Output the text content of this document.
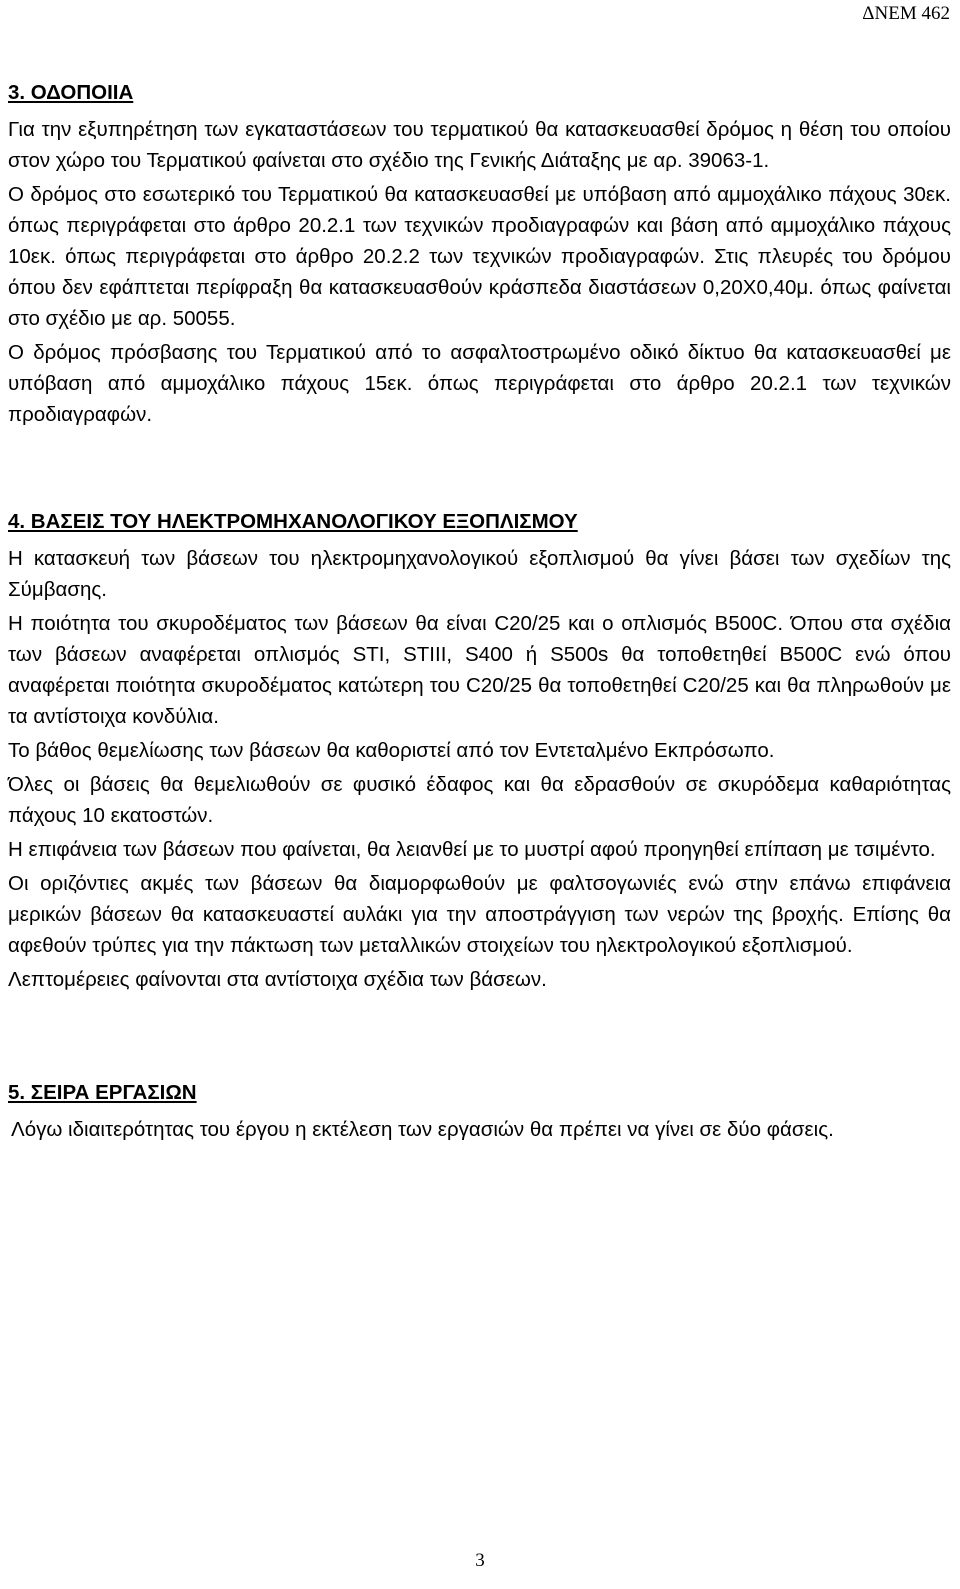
ΔΝΕΜ 462
3. ΟΔΟΠΟΙΙΑ

Για την εξυπηρέτηση των εγκαταστάσεων του τερματικού θα κατασκευασθεί δρόμος η θέση του οποίου στον χώρο του Τερματικού φαίνεται στο σχέδιο της Γενικής Διάταξης με αρ. 39063-1.

Ο δρόμος στο εσωτερικό του Τερματικού θα κατασκευασθεί με υπόβαση από αμμοχάλικο πάχους 30εκ. όπως περιγράφεται στο άρθρο 20.2.1 των τεχνικών προδιαγραφών και βάση από αμμοχάλικο πάχους 10εκ. όπως περιγράφεται στο άρθρο 20.2.2 των τεχνικών προδιαγραφών. Στις πλευρές του δρόμου όπου δεν εφάπτεται περίφραξη θα κατασκευασθούν κράσπεδα διαστάσεων 0,20Χ0,40μ. όπως φαίνεται στο σχέδιο με αρ. 50055.

Ο δρόμος πρόσβασης του Τερματικού από το ασφαλτοστρωμένο οδικό δίκτυο θα κατασκευασθεί με υπόβαση από αμμοχάλικο πάχους 15εκ. όπως περιγράφεται στο άρθρο 20.2.1 των τεχνικών προδιαγραφών.

4. ΒΑΣΕΙΣ ΤΟΥ ΗΛΕΚΤΡΟΜΗΧΑΝΟΛΟΓΙΚΟΥ ΕΞΟΠΛΙΣΜΟΥ

Η κατασκευή των βάσεων του ηλεκτρομηχανολογικού εξοπλισμού θα γίνει βάσει των σχεδίων της Σύμβασης.

Η ποιότητα του σκυροδέματος των βάσεων θα είναι C20/25 και ο οπλισμός B500C. Όπου στα σχέδια των βάσεων αναφέρεται οπλισμός STI, STIII, S400 ή S500s θα τοποθετηθεί B500C ενώ όπου αναφέρεται ποιότητα σκυροδέματος κατώτερη του C20/25 θα τοποθετηθεί C20/25 και θα πληρωθούν με τα αντίστοιχα κονδύλια.

Το βάθος θεμελίωσης των βάσεων θα καθοριστεί από τον Εντεταλμένο Εκπρόσωπο.

Όλες οι βάσεις θα θεμελιωθούν σε φυσικό έδαφος και θα εδρασθούν σε σκυρόδεμα καθαριότητας πάχους 10 εκατοστών.

Η επιφάνεια των βάσεων που φαίνεται, θα λειανθεί με το μυστρί αφού προηγηθεί επίπαση με τσιμέντο.

Οι οριζόντιες ακμές των βάσεων θα διαμορφωθούν με φαλτσογωνιές ενώ στην επάνω επιφάνεια μερικών βάσεων θα κατασκευαστεί αυλάκι για την αποστράγγιση των νερών της βροχής. Επίσης θα αφεθούν τρύπες για την πάκτωση των μεταλλικών στοιχείων του ηλεκτρολογικού εξοπλισμού.

Λεπτομέρειες φαίνονται στα αντίστοιχα σχέδια των βάσεων.

5. ΣΕΙΡΑ ΕΡΓΑΣΙΩΝ

Λόγω ιδιαιτερότητας του έργου η εκτέλεση των εργασιών θα πρέπει να γίνει σε δύο φάσεις.

3
